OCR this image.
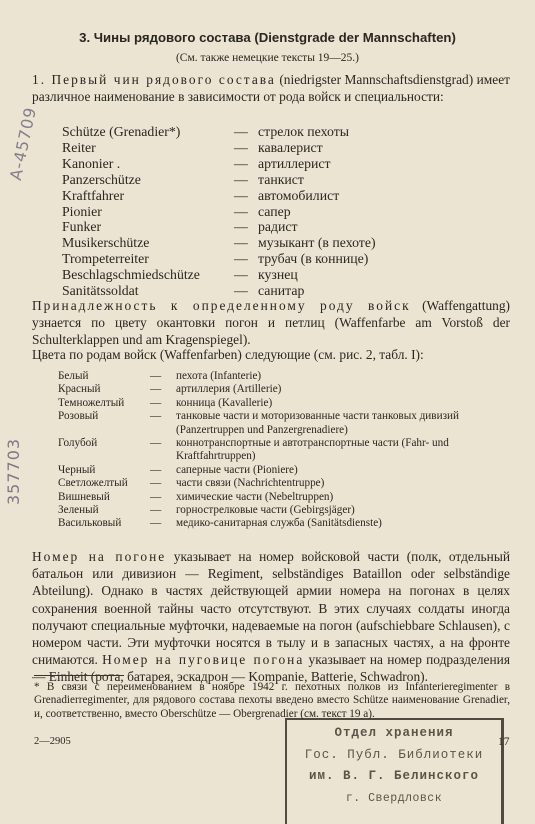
3. Чины рядового состава (Dienstgrade der Mannschaften)
(См. также немецкие тексты 19—25.)
1. Первый чин рядового состава (niedrigster Mannschaftsdienstgrad) имеет различное наименование в зависимости от рода войск и специальности:
Schütze (Grenadier*)	—	стрелок пехоты
Reiter	—	кавалерист
Kanonier .	—	артиллерист
Panzerschütze	—	танкист
Kraftfahrer	—	автомобилист
Pionier	—	сапер
Funker	—	радист
Musikerschütze	—	музыкант (в пехоте)
Trompeterreiter	—	трубач (в коннице)
Beschlagschmiedschütze	—	кузнец
Sanitätssoldat	—	санитар
Принадлежность к определенному роду войск (Waffengattung) узнается по цвету окантовки погон и петлиц (Waffenfarbe am Vorstoß der Schulterklappen und am Kragenspiegel).
Цвета по родам войск (Waffenfarben) следующие (см. рис. 2, табл. I):
Белый	—	пехота (Infanterie)
Красный	—	артиллерия (Artillerie)
Темножелтый	—	конница (Kavallerie)
Розовый	—	танковые части и моторизованные части танковых дивизий (Panzertruppen und Panzergrenadiere)
Голубой	—	коннотранспортные и автотранспортные части (Fahr- und Kraftfahrtruppen)
Черный	—	саперные части (Pioniere)
Светложелтый	—	части связи (Nachrichtentruppe)
Вишневый	—	химические части (Nebeltruppen)
Зеленый	—	горнострелковые части (Gebirgsjäger)
Васильковый	—	медико-санитарная служба (Sanitätsdienste)
Номер на погоне указывает на номер войсковой части (полк, отдельный батальон или дивизион — Regiment, selbständiges Bataillon oder selbständige Abteilung). Однако в частях действующей армии номера на погонах в целях сохранения военной тайны часто отсутствуют. В этих случаях солдаты иногда получают специальные муфточки, надеваемые на погон (aufschiebbare Schlausen), с номером части. Эти муфточки носятся в тылу и в запасных частях, а на фронте снимаются. Номер на пуговице погона указывает на номер подразделения — Einheit (рота, батарея, эскадрон — Kompanie, Batterie, Schwadron).
* В связи с переименованием в ноябре 1942 г. пехотных полков из Infanterieregimenter в Grenadierregimenter, для рядового состава пехоты введено вместо Schütze наименование Grenadier, и, соответственно, вместо Oberschütze — Obergrenadier (см. текст 19 а).
2—2905	17
Отдел хранения
Гос. Публ. Библиотеки
им. В. Г. Белинского
г. Свердловск
А-45709
357703
